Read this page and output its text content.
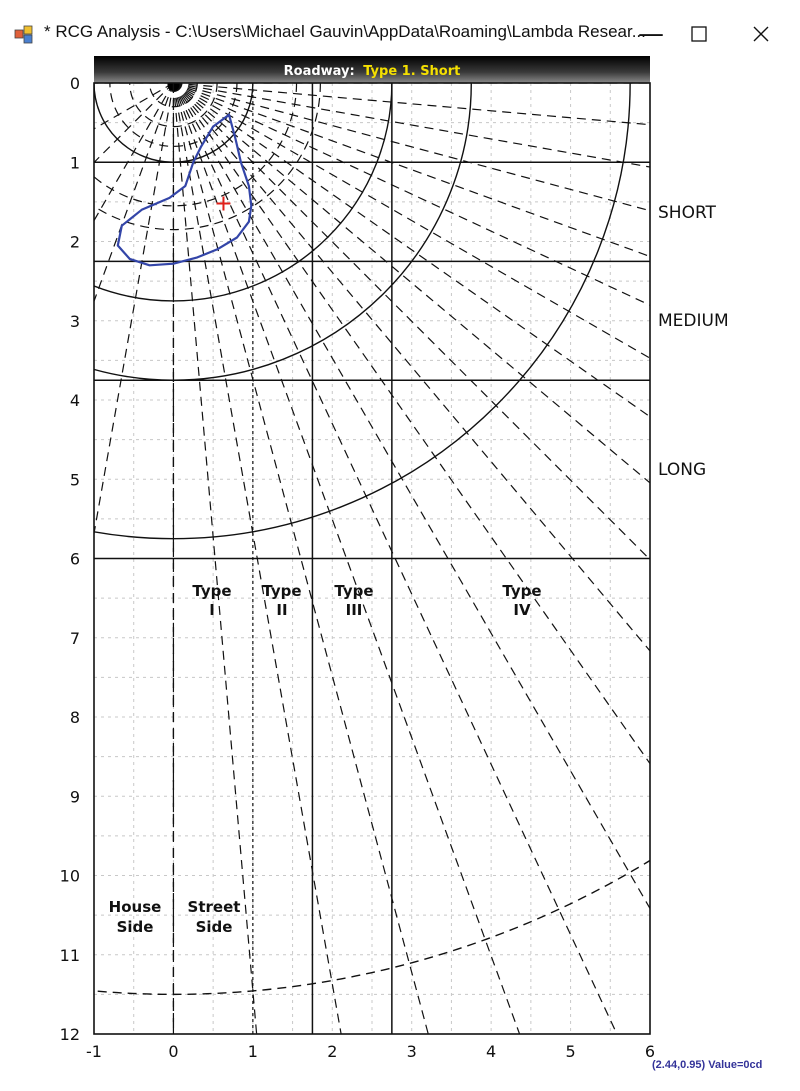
* RCG Analysis - C:\Users\Michael Gauvin\AppData\Roaming\Lambda Resear...
—
Roadway: Type 1. Short
0
1
2
3
4
5
6
7
8
9
10
11
12
-1	0	1	2	3	4	5	6
SHORT
MEDIUM
LONG
Type
I
Type
II
Type
III
Type
IV
House
Side
Street
Side
(2.44,0.95) Value=0cd
